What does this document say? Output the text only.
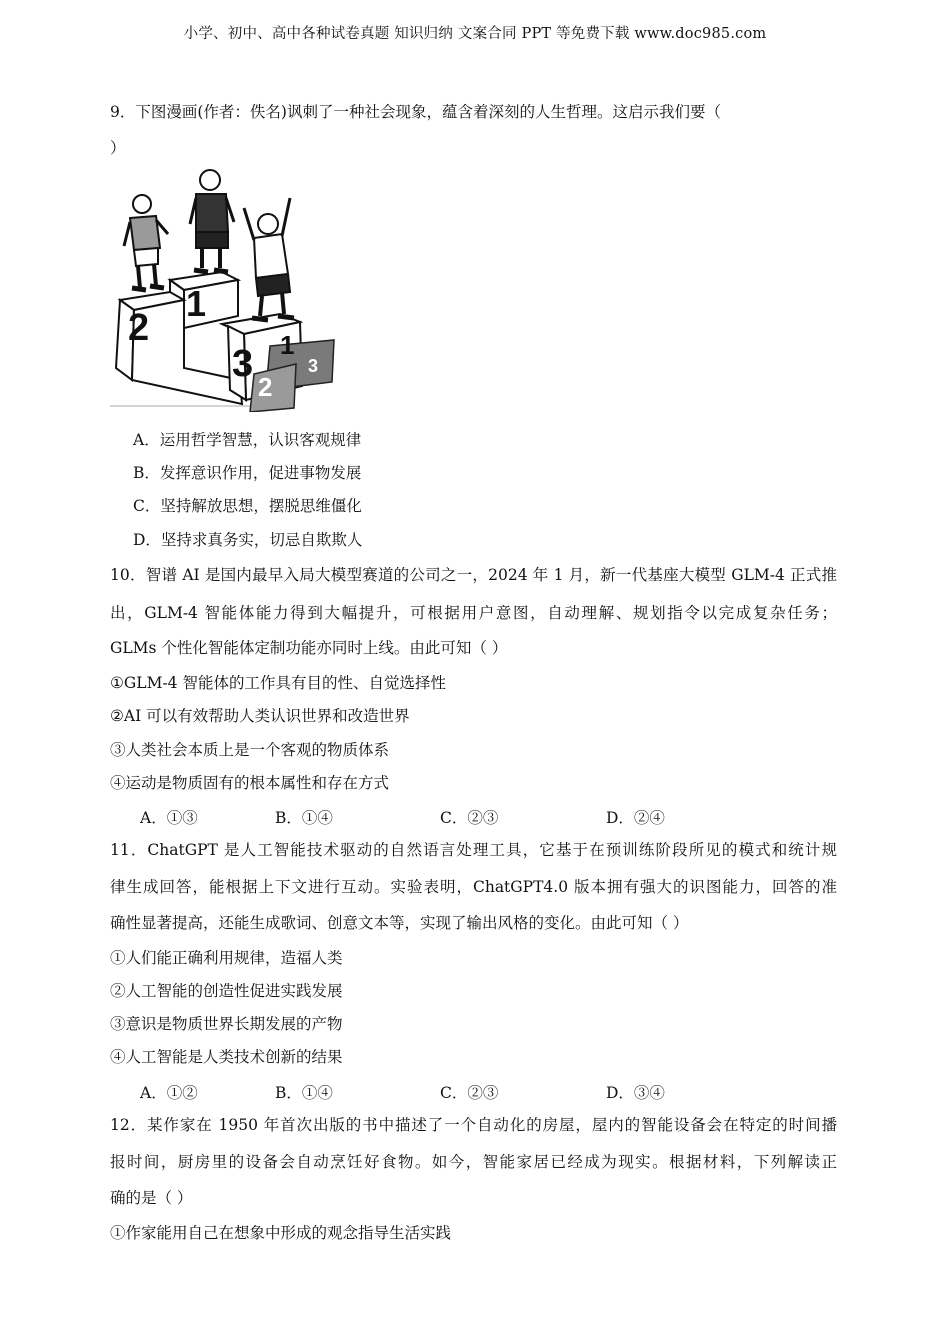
小学、初中、高中各种试卷真题 知识归纳 文案合同 PPT 等免费下载 www.doc985.com
9．下图漫画(作者：佚名)讽刺了一种社会现象，蕴含着深刻的人生哲理。这启示我们要（
）
2
1
3 1
2
3
A．运用哲学智慧，认识客观规律
B．发挥意识作用，促进事物发展
C．坚持解放思想，摆脱思维僵化
D．坚持求真务实，切忌自欺欺人
10．智谱 AI 是国内最早入局大模型赛道的公司之一，2024 年 1 月，新一代基座大模型 GLM-4 正式推
出，GLM-4 智能体能力得到大幅提升，可根据用户意图，自动理解、规划指令以完成复杂任务；
GLMs 个性化智能体定制功能亦同时上线。由此可知（ ）
①GLM-4 智能体的工作具有目的性、自觉选择性
②AI 可以有效帮助人类认识世界和改造世界
③人类社会本质上是一个客观的物质体系
④运动是物质固有的根本属性和存在方式
A．①③	B．①④	C．②③	D．②④
11．ChatGPT 是人工智能技术驱动的自然语言处理工具，它基于在预训练阶段所见的模式和统计规
律生成回答，能根据上下文进行互动。实验表明，ChatGPT4.0 版本拥有强大的识图能力，回答的准
确性显著提高，还能生成歌词、创意文本等，实现了输出风格的变化。由此可知（ ）
①人们能正确利用规律，造福人类
②人工智能的创造性促进实践发展
③意识是物质世界长期发展的产物
④人工智能是人类技术创新的结果
A．①②	B．①④	C．②③	D．③④
12．某作家在 1950 年首次出版的书中描述了一个自动化的房屋，屋内的智能设备会在特定的时间播
报时间，厨房里的设备会自动烹饪好食物。如今，智能家居已经成为现实。根据材料，下列解读正
确的是（ ）
①作家能用自己在想象中形成的观念指导生活实践
